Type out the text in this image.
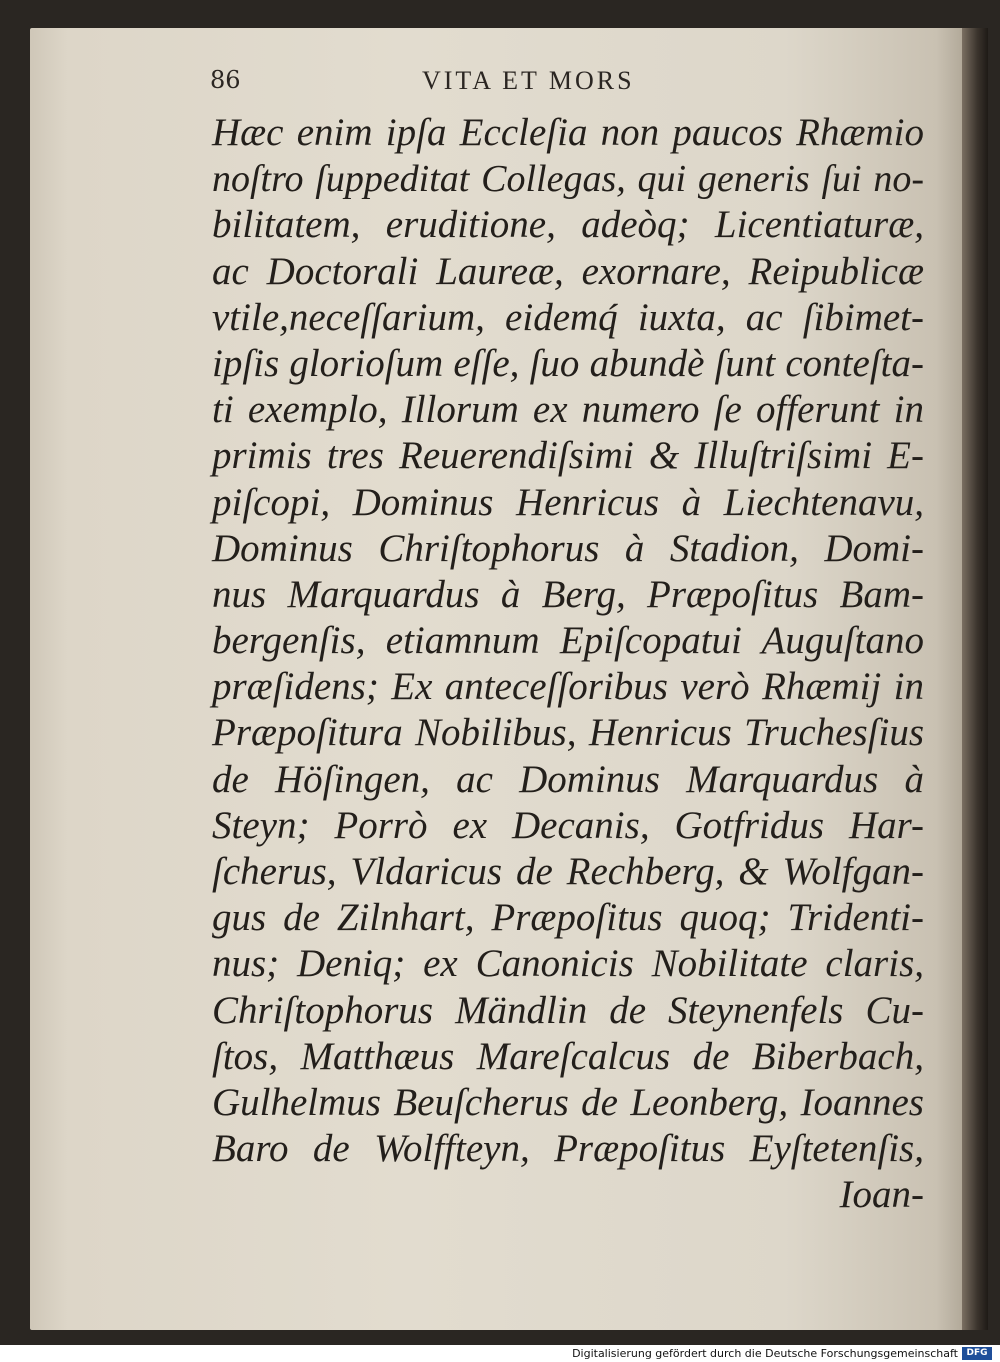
86	VITA ET MORS
Hæc enim ipſa Eccleſia non paucos Rhæmio
noſtro ſuppeditat Collegas, qui generis ſui no-
bilitatem, eruditione, adeòq; Licentiaturæ,
ac Doctorali Laureæ, exornare, Reipublicæ
vtile,neceſſarium, eidemq́ iuxta, ac ſibimet-
ipſis glorioſum eſſe, ſuo abundè ſunt conteſta-
ti exemplo, Illorum ex numero ſe offerunt in
primis tres Reuerendiſsimi & Illuſtriſsimi E-
piſcopi, Dominus Henricus à Liechtenavu,
Dominus Chriſtophorus à Stadion, Domi-
nus Marquardus à Berg, Præpoſitus Bam-
bergenſis, etiamnum Epiſcopatui Auguſtano
præſidens; Ex anteceſſoribus verò Rhæmij in
Præpoſitura Nobilibus, Henricus Truchesſius
de Höſingen, ac Dominus Marquardus à
Steyn; Porrò ex Decanis, Gotfridus Har-
ſcherus, Vldaricus de Rechberg, & Wolfgan-
gus de Zilnhart, Præpoſitus quoq; Tridenti-
nus; Deniq; ex Canonicis Nobilitate claris,
Chriſtophorus Mändlin de Steynenfels Cu-
ſtos, Matthæus Mareſcalcus de Biberbach,
Gulhelmus Beuſcherus de Leonberg, Ioannes
Baro de Wolffteyn, Præpoſitus Eyſtetenſis,
Ioan-
Digitalisierung gefördert durch die Deutsche Forschungsgemeinschaft DFG
